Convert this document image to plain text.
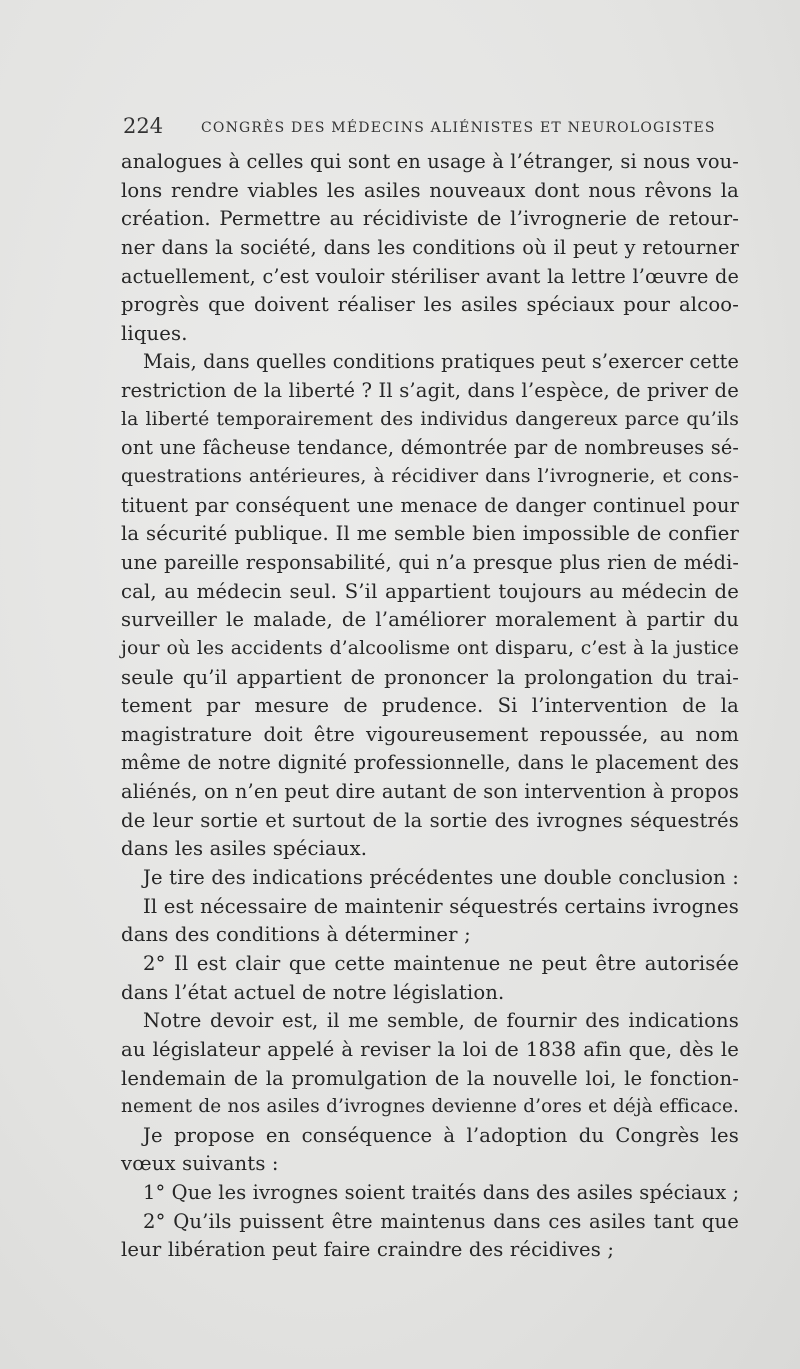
224	CONGRÈS DES MÉDECINS ALIÉNISTES ET NEUROLOGISTES
analogues à celles qui sont en usage à l’étranger, si nous vou-
lons rendre viables les asiles nouveaux dont nous rêvons la
création. Permettre au récidiviste de l’ivrognerie de retour-
ner dans la société, dans les conditions où il peut y retourner
actuellement, c’est vouloir stériliser avant la lettre l’œuvre de
progrès que doivent réaliser les asiles spéciaux pour alcoo-
liques.
Mais, dans quelles conditions pratiques peut s’exercer cette
restriction de la liberté ? Il s’agit, dans l’espèce, de priver de
la liberté temporairement des individus dangereux parce qu’ils
ont une fâcheuse tendance, démontrée par de nombreuses sé-
questrations antérieures, à récidiver dans l’ivrognerie, et cons-
tituent par conséquent une menace de danger continuel pour
la sécurité publique. Il me semble bien impossible de confier
une pareille responsabilité, qui n’a presque plus rien de médi-
cal, au médecin seul. S’il appartient toujours au médecin de
surveiller le malade, de l’améliorer moralement à partir du
jour où les accidents d’alcoolisme ont disparu, c’est à la justice
seule qu’il appartient de prononcer la prolongation du trai-
tement par mesure de prudence. Si l’intervention de la
magistrature doit être vigoureusement repoussée, au nom
même de notre dignité professionnelle, dans le placement des
aliénés, on n’en peut dire autant de son intervention à propos
de leur sortie et surtout de la sortie des ivrognes séquestrés
dans les asiles spéciaux.
Je tire des indications précédentes une double conclusion :
Il est nécessaire de maintenir séquestrés certains ivrognes
dans des conditions à déterminer ;
2° Il est clair que cette maintenue ne peut être autorisée
dans l’état actuel de notre législation.
Notre devoir est, il me semble, de fournir des indications
au législateur appelé à reviser la loi de 1838 afin que, dès le
lendemain de la promulgation de la nouvelle loi, le fonction-
nement de nos asiles d’ivrognes devienne d’ores et déjà efficace.
Je propose en conséquence à l’adoption du Congrès les
vœux suivants :
1° Que les ivrognes soient traités dans des asiles spéciaux ;
2° Qu’ils puissent être maintenus dans ces asiles tant que
leur libération peut faire craindre des récidives ;
